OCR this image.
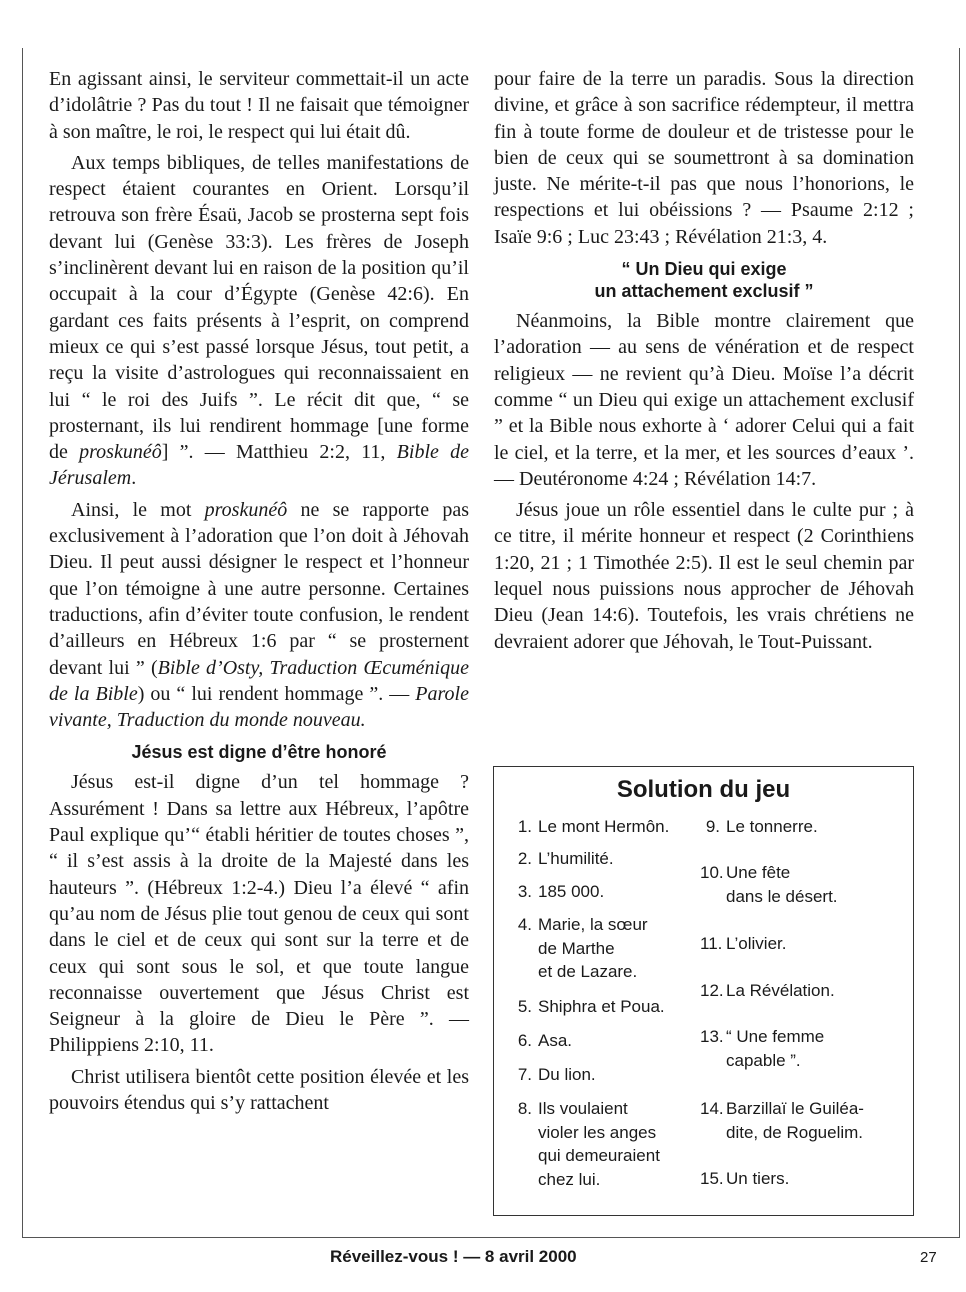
En agissant ainsi, le serviteur commettait-il un acte d’idolâtrie ? Pas du tout ! Il ne faisait que témoigner à son maître, le roi, le respect qui lui était dû.

Aux temps bibliques, de telles manifestations de respect étaient courantes en Orient. Lorsqu’il retrouva son frère Ésaü, Jacob se prosterna sept fois devant lui (Genèse 33:3). Les frères de Joseph s’inclinèrent devant lui en raison de la position qu’il occupait à la cour d’Égypte (Genèse 42:6). En gardant ces faits présents à l’esprit, on comprend mieux ce qui s’est passé lorsque Jésus, tout petit, a reçu la visite d’astrologues qui reconnaissaient en lui “ le roi des Juifs ”. Le récit dit que, “ se prosternant, ils lui rendirent hommage [une forme de proskunéô] ”. — Matthieu 2:2, 11, Bible de Jérusalem.

Ainsi, le mot proskunéô ne se rapporte pas exclusivement à l’adoration que l’on doit à Jéhovah Dieu. Il peut aussi désigner le respect et l’honneur que l’on témoigne à une autre personne. Certaines traductions, afin d’éviter toute confusion, le rendent d’ailleurs en Hébreux 1:6 par “ se prosternent devant lui ” (Bible d’Osty, Traduction Œcuménique de la Bible) ou “ lui rendent hommage ”. — Parole vivante, Traduction du monde nouveau.

Jésus est digne d’être honoré

Jésus est-il digne d’un tel hommage ? Assurément ! Dans sa lettre aux Hébreux, l’apôtre Paul explique qu’“ établi héritier de toutes choses ”, “ il s’est assis à la droite de la Majesté dans les hauteurs ”. (Hébreux 1:2-4.) Dieu l’a élevé “ afin qu’au nom de Jésus plie tout genou de ceux qui sont dans le ciel et de ceux qui sont sur la terre et de ceux qui sont sous le sol, et que toute langue reconnaisse ouvertement que Jésus Christ est Seigneur à la gloire de Dieu le Père ”. — Philippiens 2:10, 11.

Christ utilisera bientôt cette position élevée et les pouvoirs étendus qui s’y rattachent

pour faire de la terre un paradis. Sous la direction divine, et grâce à son sacrifice rédempteur, il mettra fin à toute forme de douleur et de tristesse pour le bien de ceux qui se soumettront à sa domination juste. Ne mérite-t-il pas que nous l’honorions, le respections et lui obéissions ? — Psaume 2:12 ; Isaïe 9:6 ; Luc 23:43 ; Révélation 21:3, 4.

“ Un Dieu qui exige
un attachement exclusif ”

Néanmoins, la Bible montre clairement que l’adoration — au sens de vénération et de respect religieux — ne revient qu’à Dieu. Moïse l’a décrit comme “ un Dieu qui exige un attachement exclusif ” et la Bible nous exhorte à ‘ adorer Celui qui a fait le ciel, et la terre, et la mer, et les sources d’eaux ’. — Deutéronome 4:24 ; Révélation 14:7.

Jésus joue un rôle essentiel dans le culte pur ; à ce titre, il mérite honneur et respect (2 Corinthiens 1:20, 21 ; 1 Timothée 2:5). Il est le seul chemin par lequel nous puissions nous approcher de Jéhovah Dieu (Jean 14:6). Toutefois, les vrais chrétiens ne devraient adorer que Jéhovah, le Tout-Puissant.

Solution du jeu
1. Le mont Hermôn.
2. L’humilité.
3. 185 000.
4. Marie, la sœur
de Marthe
et de Lazare.
5. Shiphra et Poua.
6. Asa.
7. Du lion.
8. Ils voulaient
violer les anges
qui demeuraient
chez lui.
9. Le tonnerre.
10. Une fête
dans le désert.
11. L’olivier.
12. La Révélation.
13. “ Une femme
capable ”.
14. Barzillaï le Guiléa-
dite, de Roguelim.
15. Un tiers.
Réveillez-vous ! — 8 avril 2000	27
